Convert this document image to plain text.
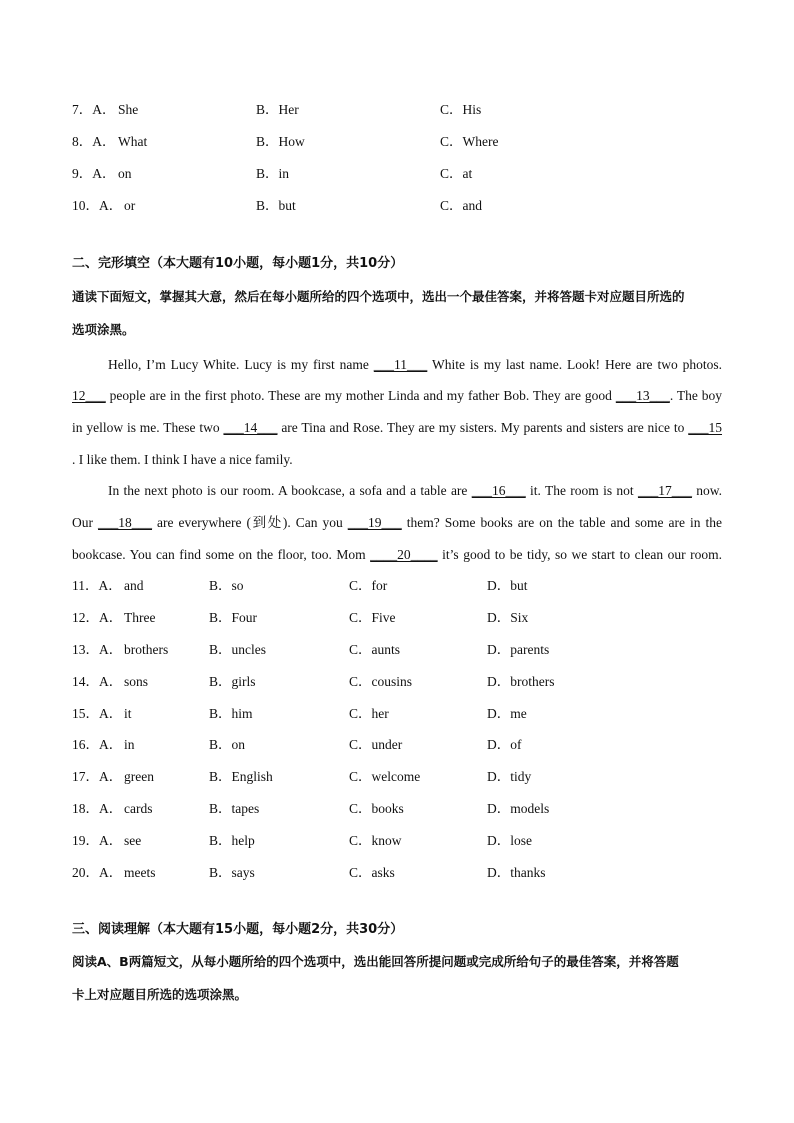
7．A． She	B．Her	C．His
8．A． What	B．How	C．Where
9．A． on	B．in	C．at
10．A． or	B．but	C．and
二、完形填空（本大题有10小题，每小题1分，共10分）
通读下面短文，掌握其大意，然后在每小题所给的四个选项中，选出一个最佳答案，并将答题卡对应题目所选的
选项涂黑。
Hello, I’m Lucy White. Lucy is my first name ___11___ White is my last name. Look! Here are two photos.
12___ people are in the first photo. These are my mother Linda and my father Bob. They are good ___13___. The boy
in yellow is me. These two ___14___ are Tina and Rose. They are my sisters. My parents and sisters are nice to ___15
. I like them. I think I have a nice family.
In the next photo is our room. A bookcase, a sofa and a table are ___16___ it. The room is not ___17___ now.
Our ___18___ are everywhere (到处). Can you ___19___ them? Some books are on the table and some are in the
bookcase. You can find some on the floor, too. Mom ____20____ it’s good to be tidy, so we start to clean our room.
11．A． and	B．so	C．for	D．but
12．A． Three	B．Four	C．Five	D．Six
13．A． brothers	B．uncles	C．aunts	D．parents
14．A． sons	B．girls	C．cousins	D．brothers
15．A． it	B．him	C．her	D．me
16．A． in	B．on	C．under	D．of
17．A． green	B．English	C．welcome	D．tidy
18．A． cards	B．tapes	C．books	D．models
19．A． see	B．help	C．know	D．lose
20．A． meets	B．says	C．asks	D．thanks
三、阅读理解（本大题有15小题，每小题2分，共30分）
阅读A、B两篇短文，从每小题所给的四个选项中，选出能回答所提问题或完成所给句子的最佳答案，并将答题
卡上对应题目所选的选项涂黑。
